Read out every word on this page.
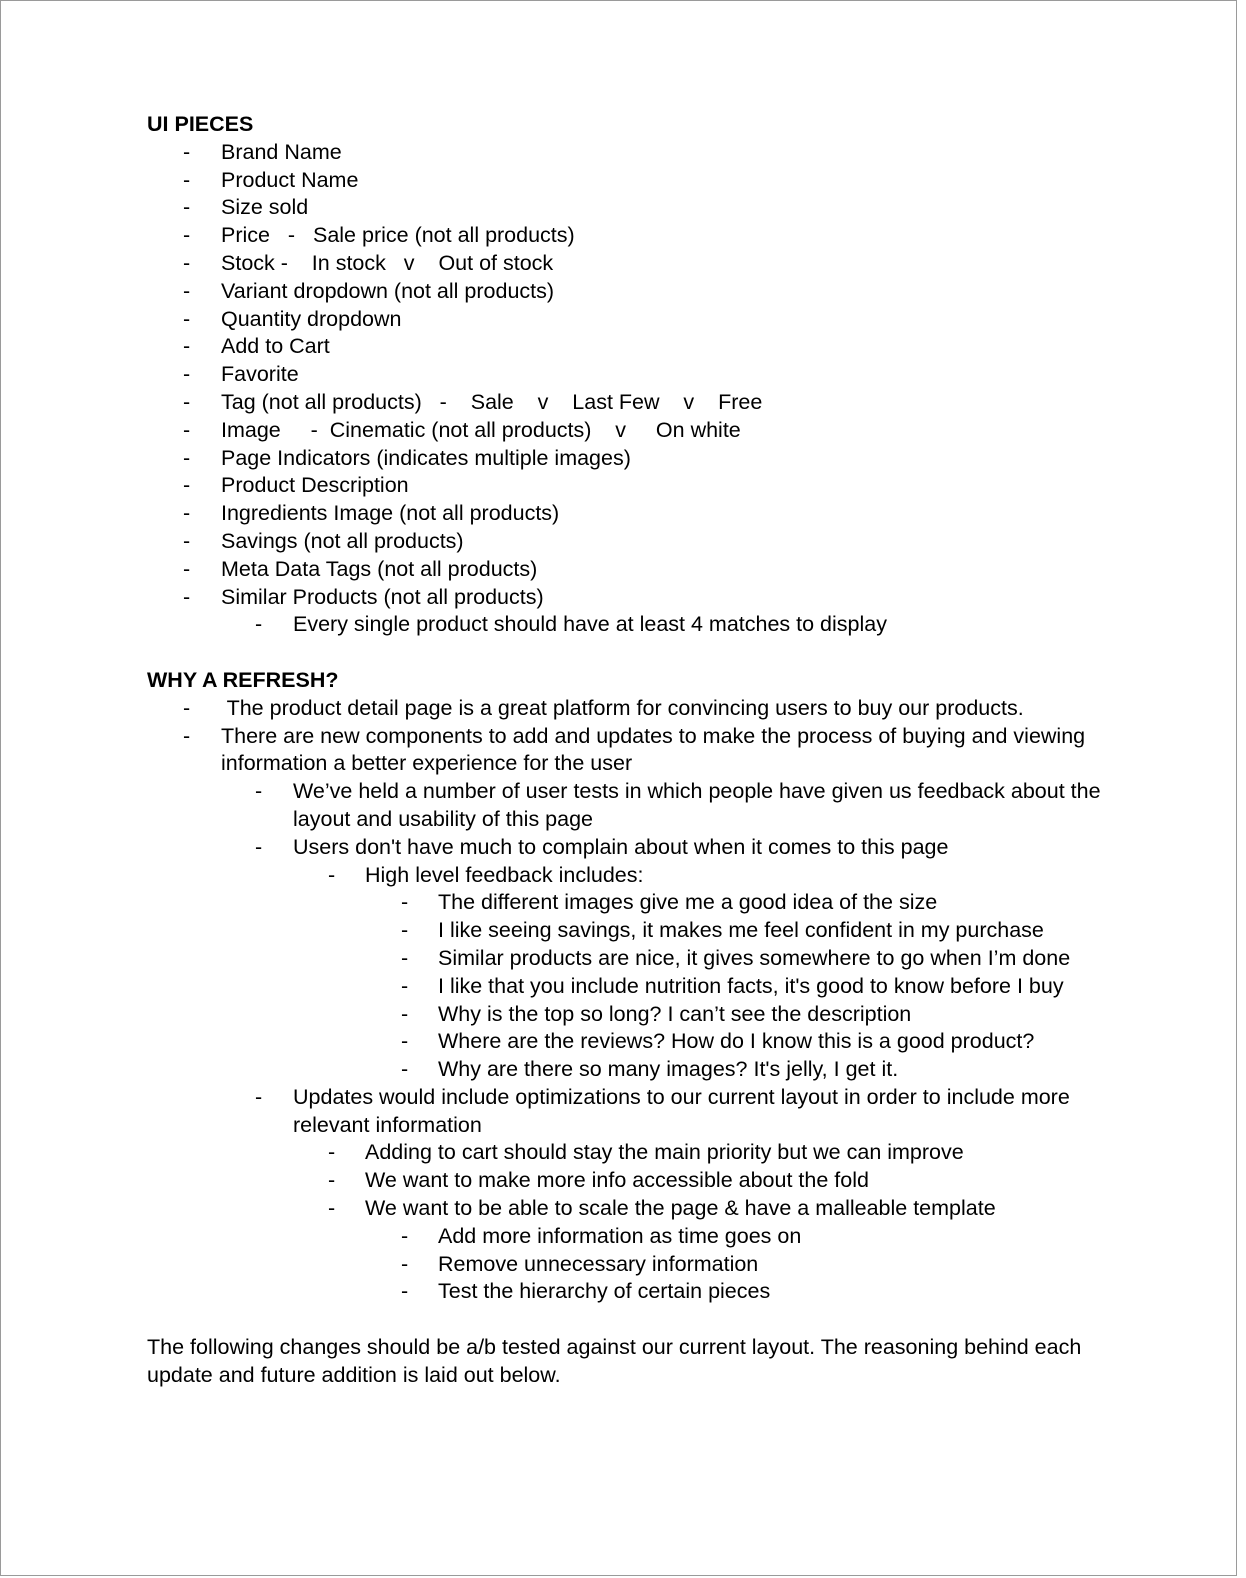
UI PIECES

- Brand Name

- Product Name

- Size sold

- Price   -   Sale price (not all products)

- Stock -    In stock   v    Out of stock

- Variant dropdown (not all products)

- Quantity dropdown

- Add to Cart

- Favorite

- Tag (not all products)   -    Sale    v    Last Few    v    Free

- Image     -  Cinematic (not all products)    v     On white

- Page Indicators (indicates multiple images)

- Product Description

- Ingredients Image (not all products)

- Savings (not all products)

- Meta Data Tags (not all products)

- Similar Products (not all products)

- Every single product should have at least 4 matches to display

WHY A REFRESH?

- The product detail page is a great platform for convincing users to buy our products.

- There are new components to add and updates to make the process of buying and viewing information a better experience for the user

- We’ve held a number of user tests in which people have given us feedback about the layout and usability of this page

- Users don't have much to complain about when it comes to this page

- High level feedback includes:

- The different images give me a good idea of the size

- I like seeing savings, it makes me feel confident in my purchase

- Similar products are nice, it gives somewhere to go when I’m done

- I like that you include nutrition facts, it's good to know before I buy

- Why is the top so long? I can’t see the description

- Where are the reviews? How do I know this is a good product?

- Why are there so many images? It's jelly, I get it.

- Updates would include optimizations to our current layout in order to include more relevant information

- Adding to cart should stay the main priority but we can improve

- We want to make more info accessible about the fold

- We want to be able to scale the page & have a malleable template

- Add more information as time goes on

- Remove unnecessary information

- Test the hierarchy of certain pieces

The following changes should be a/b tested against our current layout. The reasoning behind each update and future addition is laid out below.
